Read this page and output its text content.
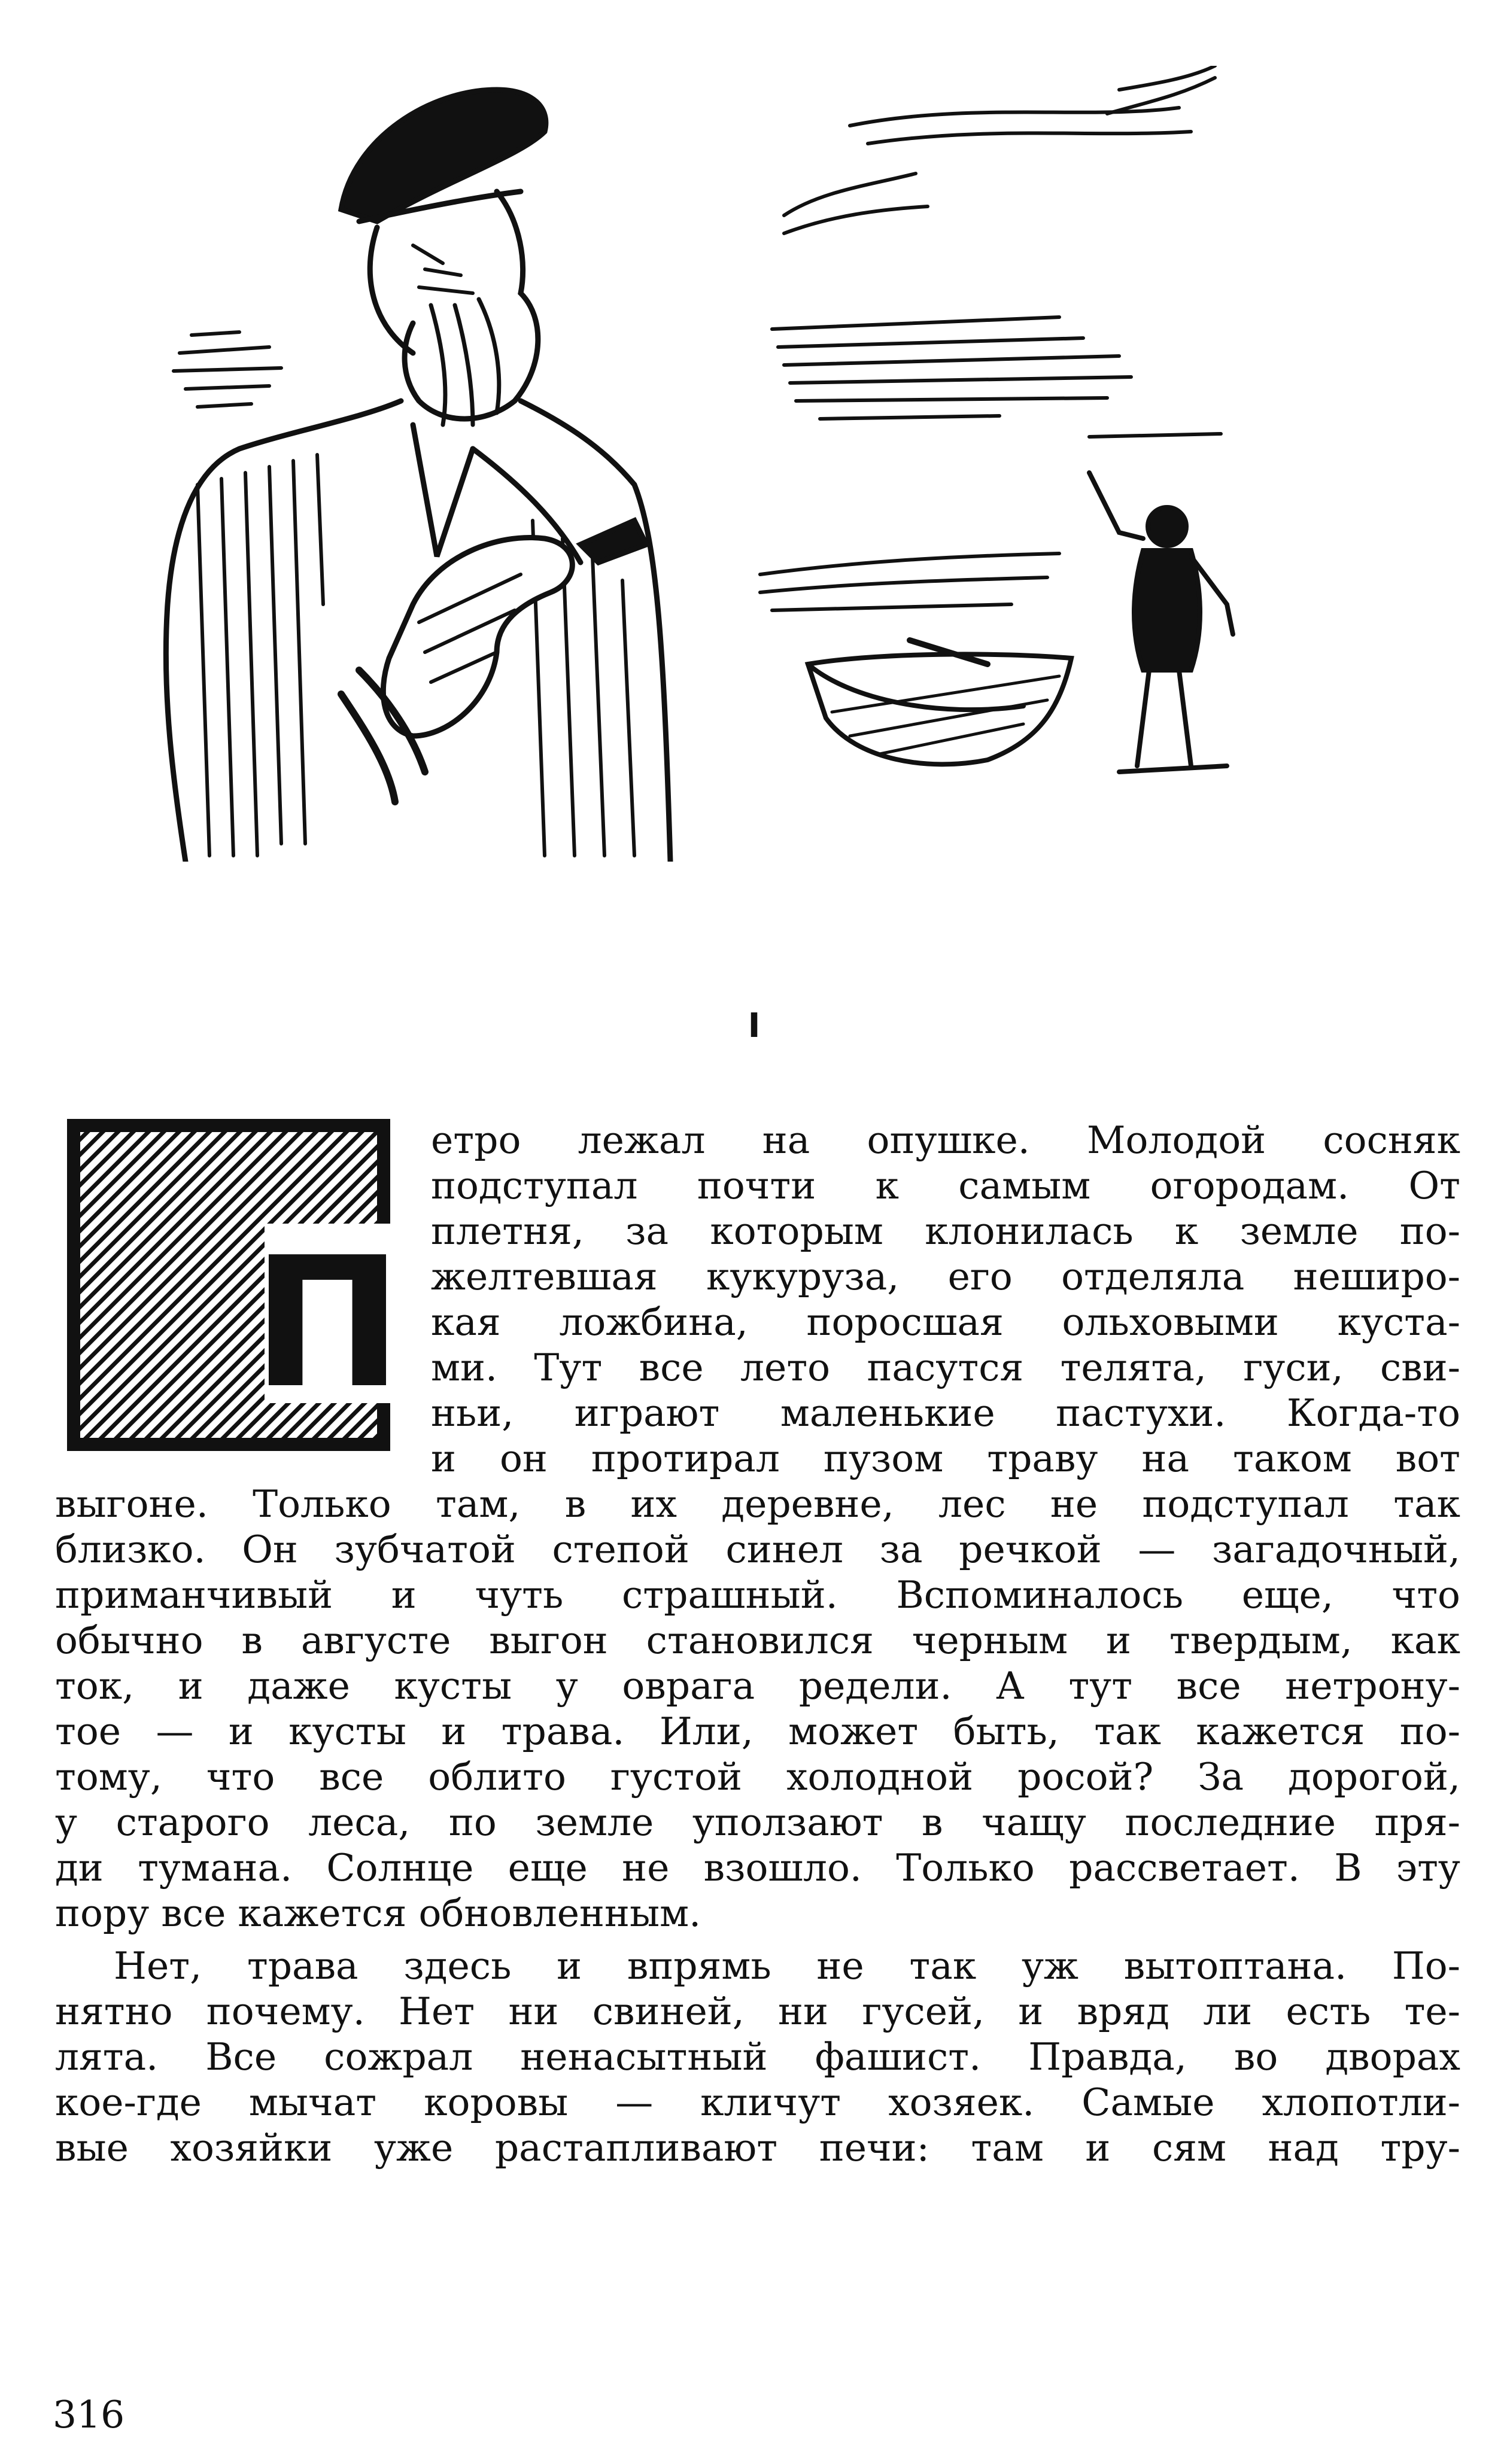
I
П
етро лежал на опушке. Молодой сосняк
подступал почти к самым огородам. От
плетня, за которым клонилась к земле по-
желтевшая кукуруза, его отделяла неширо-
кая ложбина, поросшая ольховыми куста-
ми. Тут все лето пасутся телята, гуси, сви-
ньи, играют маленькие пастухи. Когда-то
и он протирал пузом траву на таком вот
выгоне. Только там, в их деревне, лес не подступал так
близко. Он зубчатой степой синел за речкой — загадочный,
приманчивый и чуть страшный. Вспоминалось еще, что
обычно в августе выгон становился черным и твердым, как
ток, и даже кусты у оврага редели. А тут все нетрону-
тое — и кусты и трава. Или, может быть, так кажется по-
тому, что все облито густой холодной росой? За дорогой,
у старого леса, по земле уползают в чащу последние пря-
ди тумана. Солнце еще не взошло. Только рассветает. В эту
пору все кажется обновленным.
Нет, трава здесь и впрямь не так уж вытоптана. По-
нятно почему. Нет ни свиней, ни гусей, и вряд ли есть те-
лята. Все сожрал ненасытный фашист. Правда, во дворах
кое-где мычат коровы — кличут хозяек. Самые хлопотли-
вые хозяйки уже растапливают печи: там и сям над тру-
316
